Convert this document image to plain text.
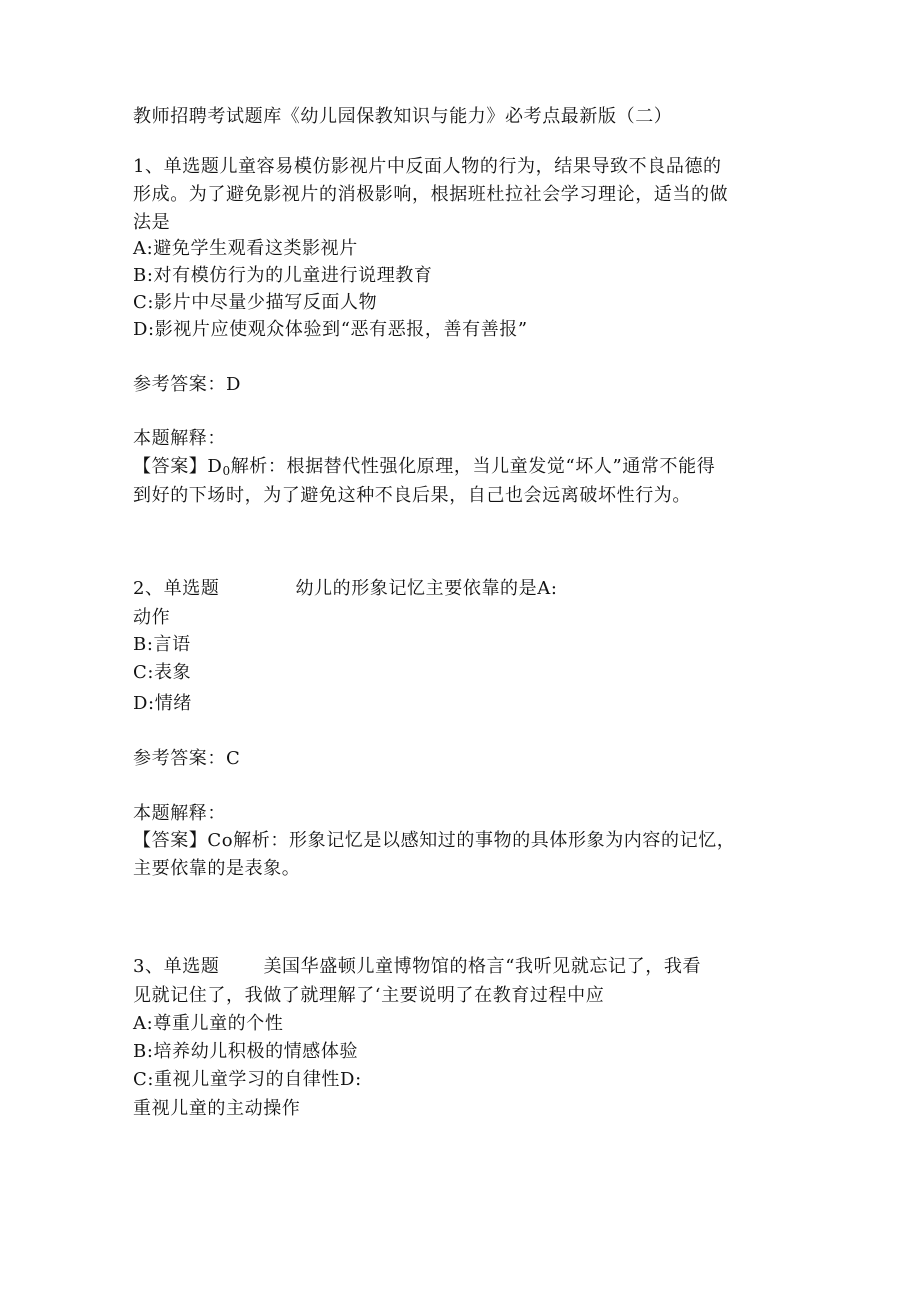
教师招聘考试题库《幼儿园保教知识与能力》必考点最新版（二）
1、单选题儿童容易模仿影视片中反面人物的行为，结果导致不良品德的
形成。为了避免影视片的消极影响，根据班杜拉社会学习理论，适当的做
法是
A:避免学生观看这类影视片
B:对有模仿行为的儿童进行说理教育
C:影片中尽量少描写反面人物
D:影视片应使观众体验到“恶有恶报，善有善报”
参考答案：D
本题解释：
【答案】$D_0$解析：根据替代性强化原理，当儿童发觉“坏人”通常不能得
到好的下场时，为了避免这种不良后果，自己也会远离破坏性行为。
2、单选题	幼儿的形象记忆主要依靠的是A:
动作
B:言语
C:表象
D:情绪
参考答案：C
本题解释：
【答案】Co解析：形象记忆是以感知过的事物的具体形象为内容的记忆，
主要依靠的是表象。
3、单选题 美国华盛顿儿童博物馆的格言“我听见就忘记了，我看
见就记住了，我做了就理解了‘主要说明了在教育过程中应
A:尊重儿童的个性
B:培养幼儿积极的情感体验
C:重视儿童学习的自律性D:
重视儿童的主动操作
